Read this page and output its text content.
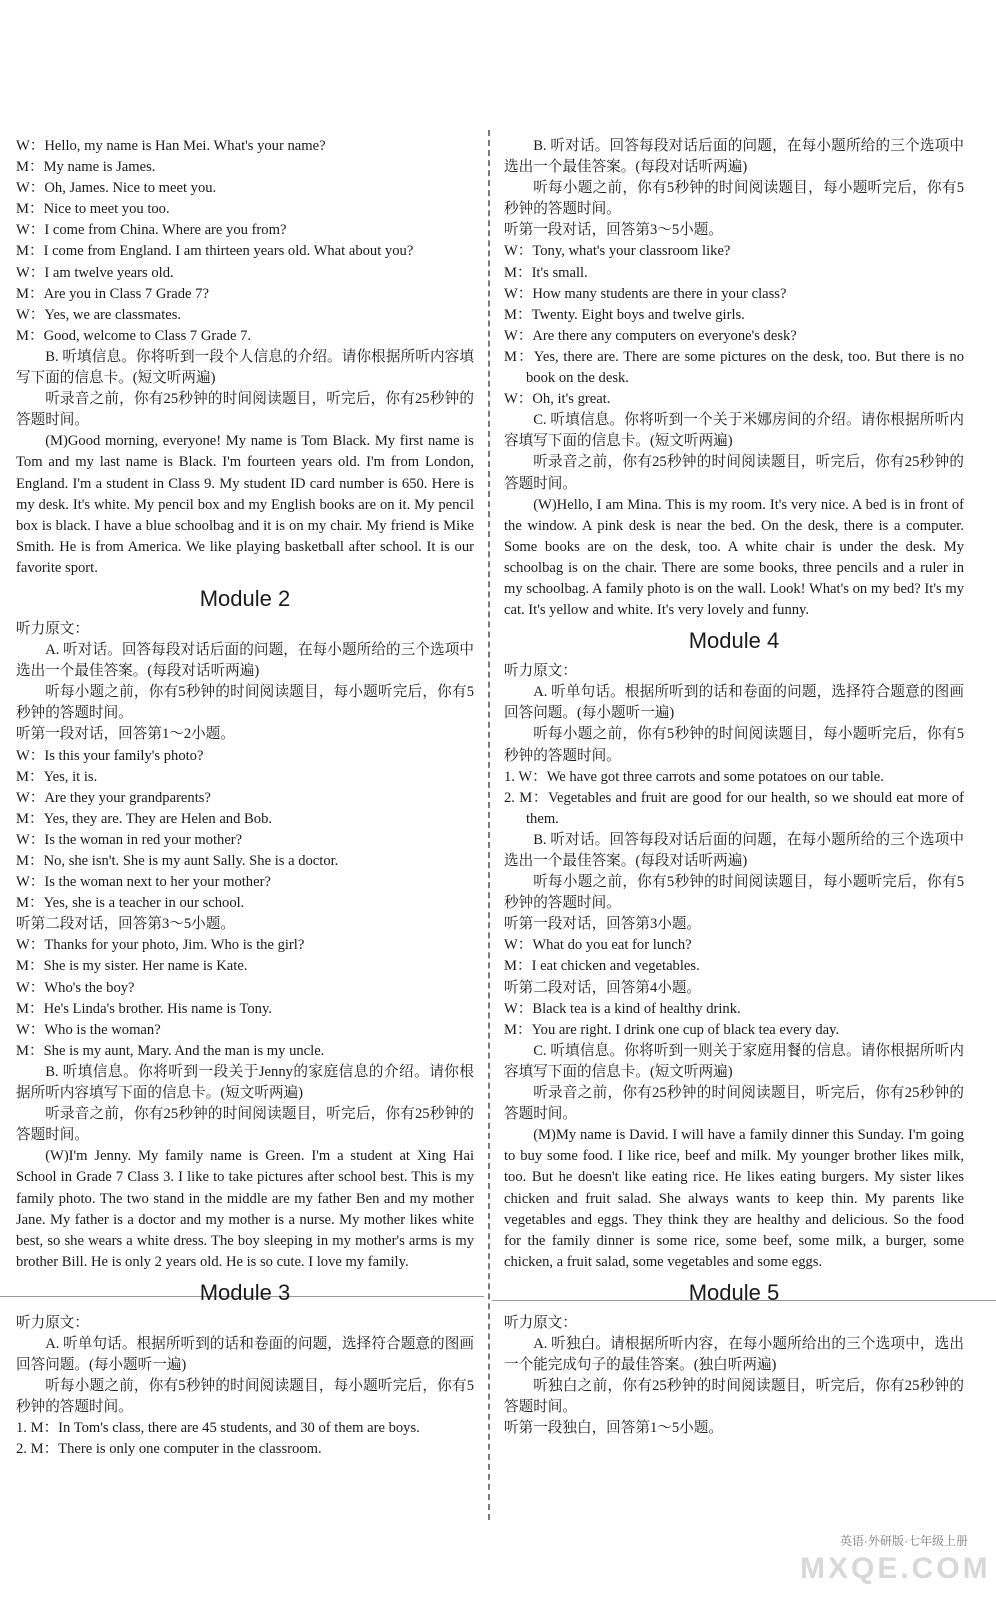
W：Hello, my name is Han Mei. What's your name?

M：My name is James.

W：Oh, James. Nice to meet you.

M：Nice to meet you too.

W：I come from China. Where are you from?

M：I come from England. I am thirteen years old. What about you?

W：I am twelve years old.

M：Are you in Class 7 Grade 7?

W：Yes, we are classmates.

M：Good, welcome to Class 7 Grade 7.

B. 听填信息。你将听到一段个人信息的介绍。请你根据所听内容填写下面的信息卡。(短文听两遍)

听录音之前，你有25秒钟的时间阅读题目，听完后，你有25秒钟的答题时间。

(M)Good morning, everyone! My name is Tom Black. My first name is Tom and my last name is Black. I'm fourteen years old. I'm from London, England. I'm a student in Class 9. My student ID card number is 650. Here is my desk. It's white. My pencil box and my English books are on it. My pencil box is black. I have a blue schoolbag and it is on my chair. My friend is Mike Smith. He is from America. We like playing basketball after school. It is our favorite sport.

Module 2

听力原文：

A. 听对话。回答每段对话后面的问题，在每小题所给的三个选项中选出一个最佳答案。(每段对话听两遍)

听每小题之前，你有5秒钟的时间阅读题目，每小题听完后，你有5秒钟的答题时间。

听第一段对话，回答第1～2小题。

W：Is this your family's photo?

M：Yes, it is.

W：Are they your grandparents?

M：Yes, they are. They are Helen and Bob.

W：Is the woman in red your mother?

M：No, she isn't. She is my aunt Sally. She is a doctor.

W：Is the woman next to her your mother?

M：Yes, she is a teacher in our school.

听第二段对话，回答第3～5小题。

W：Thanks for your photo, Jim. Who is the girl?

M：She is my sister. Her name is Kate.

W：Who's the boy?

M：He's Linda's brother. His name is Tony.

W：Who is the woman?

M：She is my aunt, Mary. And the man is my uncle.

B. 听填信息。你将听到一段关于Jenny的家庭信息的介绍。请你根据所听内容填写下面的信息卡。(短文听两遍)

听录音之前，你有25秒钟的时间阅读题目，听完后，你有25秒钟的答题时间。

(W)I'm Jenny. My family name is Green. I'm a student at Xing Hai School in Grade 7 Class 3. I like to take pictures after school best. This is my family photo. The two stand in the middle are my father Ben and my mother Jane. My father is a doctor and my mother is a nurse. My mother likes white best, so she wears a white dress. The boy sleeping in my mother's arms is my brother Bill. He is only 2 years old. He is so cute. I love my family.

Module 3

听力原文：

A. 听单句话。根据所听到的话和卷面的问题，选择符合题意的图画回答问题。(每小题听一遍)

听每小题之前，你有5秒钟的时间阅读题目，每小题听完后，你有5秒钟的答题时间。

1. M：In Tom's class, there are 45 students, and 30 of them are boys.

2. M：There is only one computer in the classroom.

B. 听对话。回答每段对话后面的问题，在每小题所给的三个选项中选出一个最佳答案。(每段对话听两遍)

听每小题之前，你有5秒钟的时间阅读题目，每小题听完后，你有5秒钟的答题时间。

听第一段对话，回答第3～5小题。

W：Tony, what's your classroom like?

M：It's small.

W：How many students are there in your class?

M：Twenty. Eight boys and twelve girls.

W：Are there any computers on everyone's desk?

M：Yes, there are. There are some pictures on the desk, too. But there is no book on the desk.

W：Oh, it's great.

C. 听填信息。你将听到一个关于米娜房间的介绍。请你根据所听内容填写下面的信息卡。(短文听两遍)

听录音之前，你有25秒钟的时间阅读题目，听完后，你有25秒钟的答题时间。

(W)Hello, I am Mina. This is my room. It's very nice. A bed is in front of the window. A pink desk is near the bed. On the desk, there is a computer. Some books are on the desk, too. A white chair is under the desk. My schoolbag is on the chair. There are some books, three pencils and a ruler in my schoolbag. A family photo is on the wall. Look! What's on my bed? It's my cat. It's yellow and white. It's very lovely and funny.

Module 4

听力原文：

A. 听单句话。根据所听到的话和卷面的问题，选择符合题意的图画回答问题。(每小题听一遍)

听每小题之前，你有5秒钟的时间阅读题目，每小题听完后，你有5秒钟的答题时间。

1. W：We have got three carrots and some potatoes on our table.

2. M：Vegetables and fruit are good for our health, so we should eat more of them.

B. 听对话。回答每段对话后面的问题，在每小题所给的三个选项中选出一个最佳答案。(每段对话听两遍)

听每小题之前，你有5秒钟的时间阅读题目，每小题听完后，你有5秒钟的答题时间。

听第一段对话，回答第3小题。

W：What do you eat for lunch?

M：I eat chicken and vegetables.

听第二段对话，回答第4小题。

W：Black tea is a kind of healthy drink.

M：You are right. I drink one cup of black tea every day.

C. 听填信息。你将听到一则关于家庭用餐的信息。请你根据所听内容填写下面的信息卡。(短文听两遍)

听录音之前，你有25秒钟的时间阅读题目，听完后，你有25秒钟的答题时间。

(M)My name is David. I will have a family dinner this Sunday. I'm going to buy some food. I like rice, beef and milk. My younger brother likes milk, too. But he doesn't like eating rice. He likes eating burgers. My sister likes chicken and fruit salad. She always wants to keep thin. My parents like vegetables and eggs. They think they are healthy and delicious. So the food for the family dinner is some rice, some beef, some milk, a burger, some chicken, a fruit salad, some vegetables and some eggs.

Module 5

听力原文：

A. 听独白。请根据所听内容，在每小题所给出的三个选项中，选出一个能完成句子的最佳答案。(独白听两遍)

听独白之前，你有25秒钟的时间阅读题目，听完后，你有25秒钟的答题时间。

听第一段独白，回答第1～5小题。

英语·外研版·七年级上册
MXQE.COM
